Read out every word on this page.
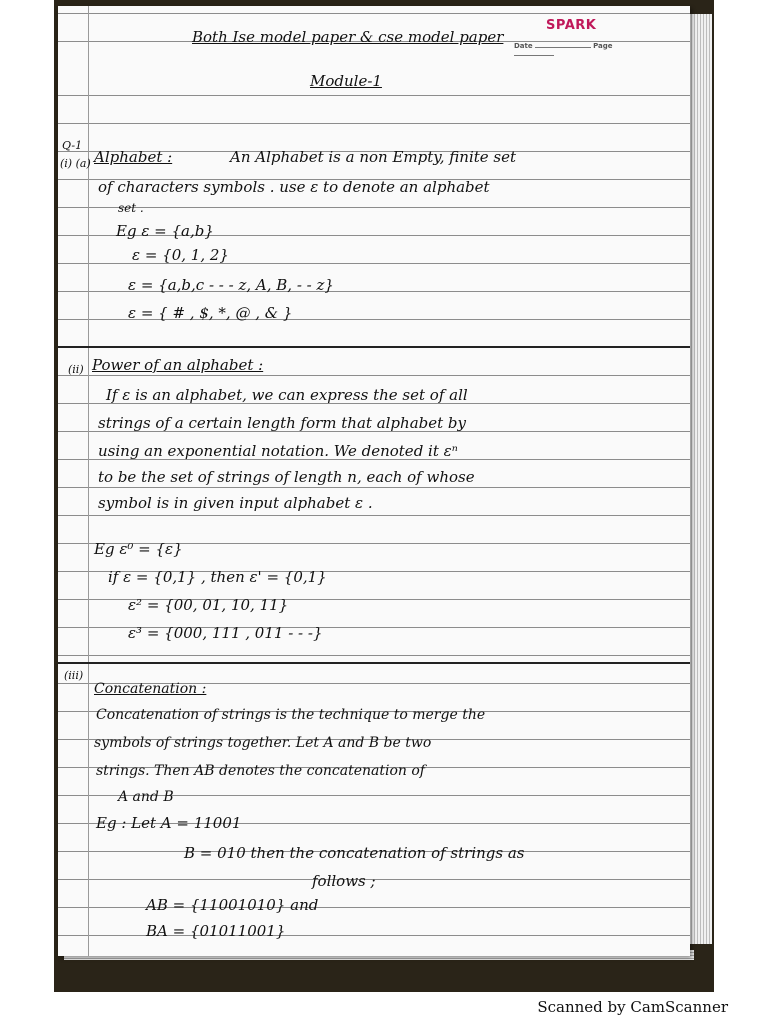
SPARK
Date	Page
Both Ise model paper & cse model paper
Module-1
Q-1
(i) (a) Alphabet :	An Alphabet is a non Empty, finite set
of characters symbols . use ε to denote an alphabet
set .
Eg ε = {a,b}
ε = {0, 1, 2}
ε = {a,b,c - - - z, A, B, - - z}
ε = { # , $, *, @ , & }
(ii) Power of an alphabet :
If ε is an alphabet, we can express the set of all
strings of a certain length form that alphabet by
using an exponential notation. We denoted it εⁿ
to be the set of strings of length n, each of whose
symbol is in given input alphabet ε .
Eg ε⁰ = {ε}
if ε = {0,1} , then ε' = {0,1}
ε² = {00, 01, 10, 11}
ε³ = {000, 111 , 011 - - -}
(iii)
Concatenation :
Concatenation of strings is the technique to merge the
symbols of strings together. Let A and B be two
strings. Then AB denotes the concatenation of
A and B
Eg : Let A = 11001
B = 010 then the concatenation of strings as
follows ;
AB = {11001010} and
BA = {01011001}
Scanned by CamScanner
